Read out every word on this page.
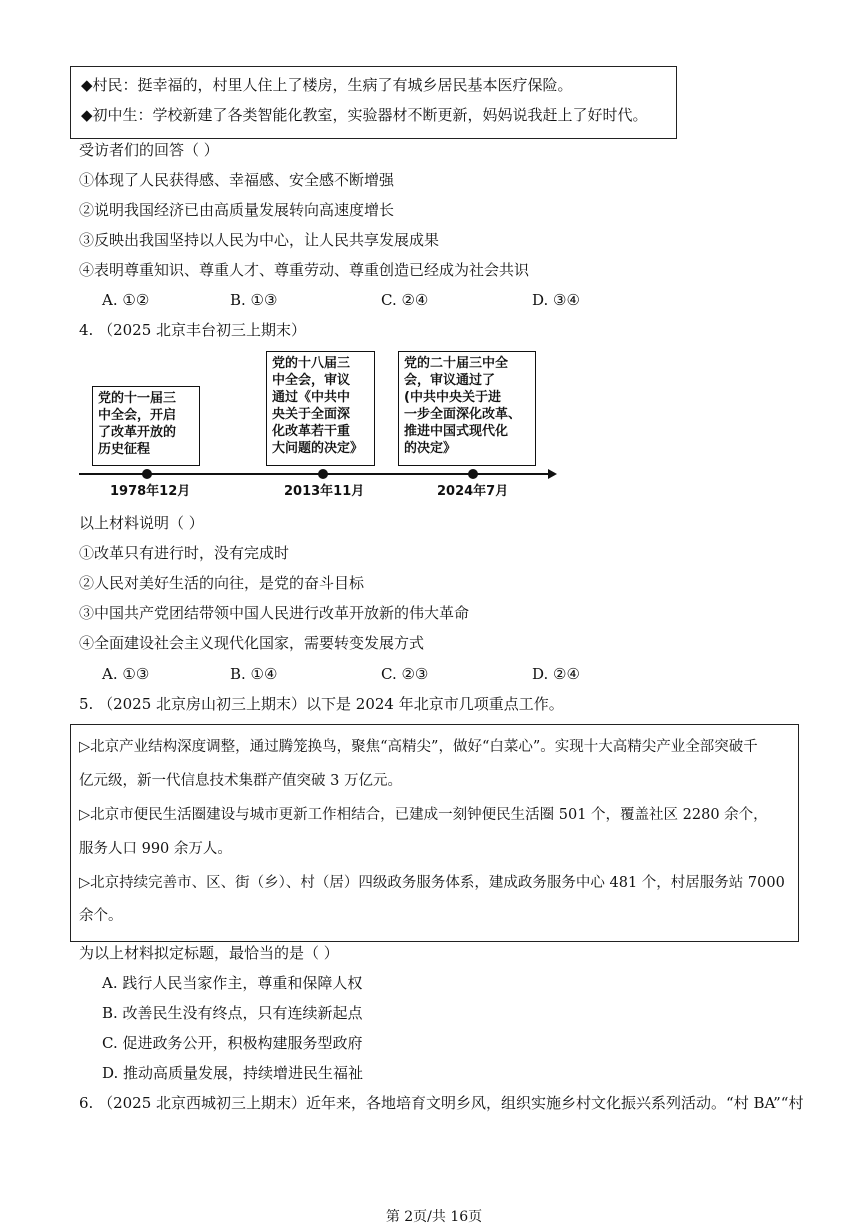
◆村民：挺幸福的，村里人住上了楼房，生病了有城乡居民基本医疗保险。
◆初中生：学校新建了各类智能化教室，实验器材不断更新，妈妈说我赶上了好时代。
受访者们的回答（ ）
①体现了人民获得感、幸福感、安全感不断增强
②说明我国经济已由高质量发展转向高速度增长
③反映出我国坚持以人民为中心，让人民共享发展成果
④表明尊重知识、尊重人才、尊重劳动、尊重创造已经成为社会共识
A. ①②	B. ①③	C. ②④	D. ③④
4. （2025 北京丰台初三上期末）
党的十一届三
中全会，开启
了改革开放的
历史征程
党的十八届三
中全会，审议
通过《中共中
央关于全面深
化改革若干重
大问题的决定》
党的二十届三中全
会，审议通过了
(中共中央关于进
一步全面深化改革、
推进中国式现代化
的决定》
1978年12月	2013年11月	2024年7月
以上材料说明（ ）
①改革只有进行时，没有完成时
②人民对美好生活的向往，是党的奋斗目标
③中国共产党团结带领中国人民进行改革开放新的伟大革命
④全面建设社会主义现代化国家，需要转变发展方式
A. ①③	B. ①④	C. ②③	D. ②④
5. （2025 北京房山初三上期末）以下是 2024 年北京市几项重点工作。
▷北京产业结构深度调整，通过腾笼换鸟，聚焦“高精尖”，做好“白菜心”。实现十大高精尖产业全部突破千
亿元级，新一代信息技术集群产值突破 3 万亿元。
▷北京市便民生活圈建设与城市更新工作相结合，已建成一刻钟便民生活圈 501 个，覆盖社区 2280 余个，
服务人口 990 余万人。
▷北京持续完善市、区、街（乡）、村（居）四级政务服务体系，建成政务服务中心 481 个，村居服务站 7000
余个。
为以上材料拟定标题，最恰当的是（ ）
A. 践行人民当家作主，尊重和保障人权
B. 改善民生没有终点，只有连续新起点
C. 促进政务公开，积极构建服务型政府
D. 推动高质量发展，持续增进民生福祉
6. （2025 北京西城初三上期末）近年来，各地培育文明乡风，组织实施乡村文化振兴系列活动。“村 BA”“村
第 2页/共 16页
